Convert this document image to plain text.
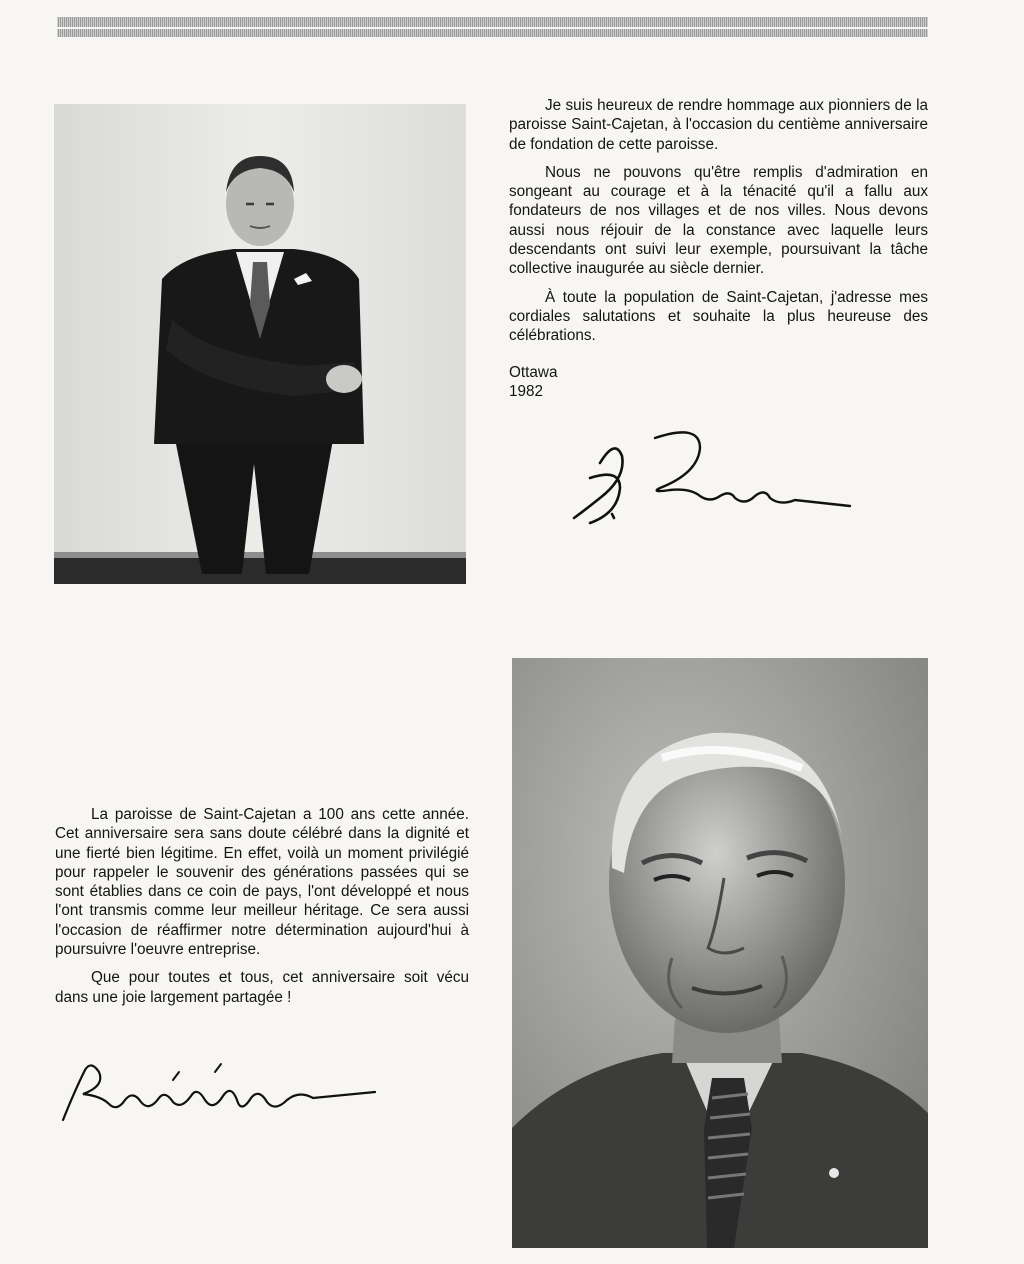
Je suis heureux de rendre hommage aux pionniers de la paroisse Saint-Cajetan, à l'occasion du centième anniversaire de fondation de cette paroisse.

Nous ne pouvons qu'être remplis d'admiration en songeant au courage et à la ténacité qu'il a fallu aux fondateurs de nos villages et de nos villes. Nous devons aussi nous réjouir de la constance avec laquelle leurs descendants ont suivi leur exemple, poursuivant la tâche collective inaugurée au siècle dernier.

À toute la population de Saint-Cajetan, j'adresse mes cordiales salutations et souhaite la plus heureuse des célébrations.

Ottawa
1982

La paroisse de Saint-Cajetan a 100 ans cette année. Cet anniversaire sera sans doute célébré dans la dignité et une fierté bien légitime. En effet, voilà un moment privilégié pour rappeler le souvenir des générations passées qui se sont établies dans ce coin de pays, l'ont développé et nous l'ont transmis comme leur meilleur héritage. Ce sera aussi l'occasion de réaffirmer notre détermination aujourd'hui à poursuivre l'oeuvre entreprise.

Que pour toutes et tous, cet anniversaire soit vécu dans une joie largement partagée !
